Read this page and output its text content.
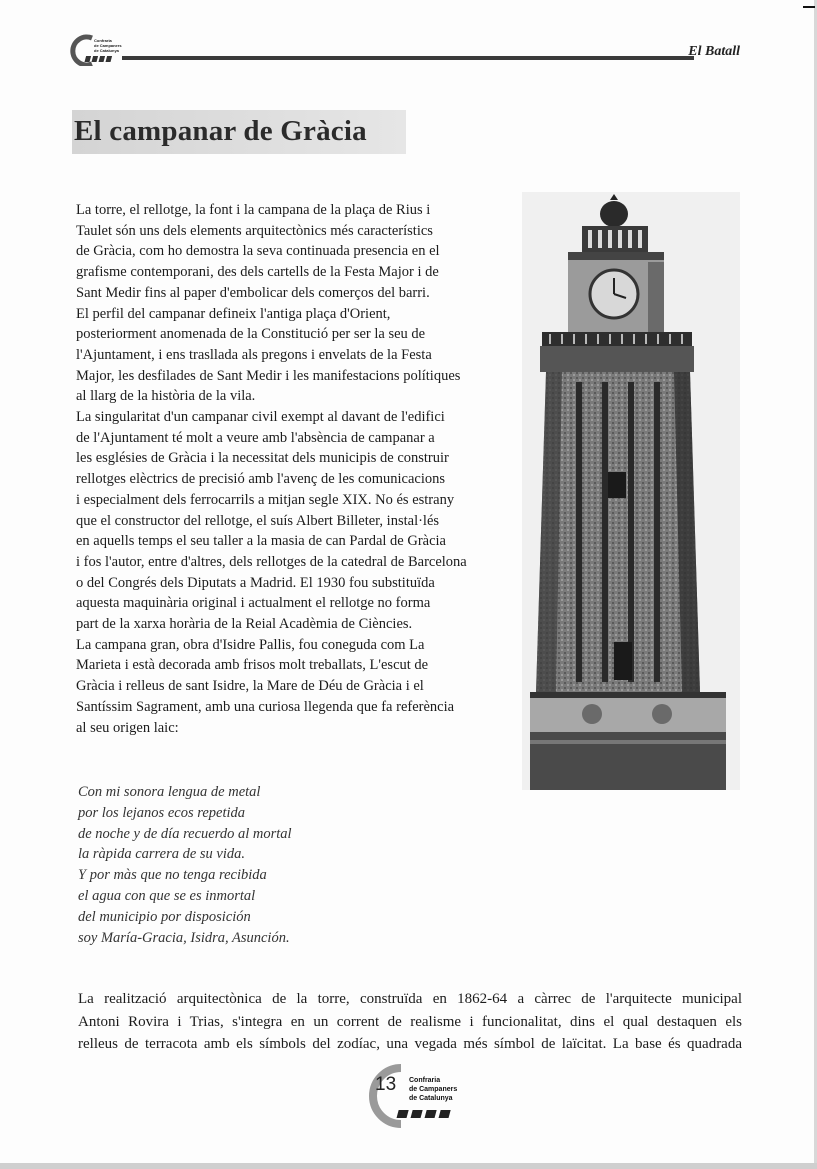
Confraria
de Campaners
de Catalunya	El Batall
El campanar de Gràcia
La torre, el rellotge, la font i la campana de la plaça de Rius i
Taulet són uns dels elements arquitectònics més característics
de Gràcia, com ho demostra la seva continuada presencia en el
grafisme contemporani, des dels cartells de la Festa Major i de
Sant Medir fins al paper d'embolicar dels comerços del barri.
El perfil del campanar defineix l'antiga plaça d'Orient,
posteriorment anomenada de la Constitució per ser la seu de
l'Ajuntament, i ens trasllada als pregons i envelats de la Festa
Major, les desfilades de Sant Medir i les manifestacions polítiques
al llarg de la història de la vila.
La singularitat d'un campanar civil exempt al davant de l'edifici
de l'Ajuntament té molt a veure amb l'absència de campanar a
les esglésies de Gràcia i la necessitat dels municipis de construir
rellotges elèctrics de precisió amb l'avenç de les comunicacions
i especialment dels ferrocarrils a mitjan segle XIX. No és estrany
que el constructor del rellotge, el suís Albert Billeter, instal·lés
en aquells temps el seu taller a la masia de can Pardal de Gràcia
i fos l'autor, entre d'altres, dels rellotges de la catedral de Barcelona
o del Congrés dels Diputats a Madrid. El 1930 fou substituïda
aquesta maquinària original i actualment el rellotge no forma
part de la xarxa horària de la Reial Acadèmia de Ciències.
La campana gran, obra d'Isidre Pallis, fou coneguda com La
Marieta i està decorada amb frisos molt treballats, L'escut de
Gràcia i relleus de sant Isidre, la Mare de Déu de Gràcia i el
Santíssim Sagrament, amb una curiosa llegenda que fa referència
al seu origen laic:
Con mi sonora lengua de metal
por los lejanos ecos repetida
de noche y de día recuerdo al mortal
la ràpida carrera de su vida.
Y por màs que no tenga recibida
el agua con que se es inmortal
del municipio por disposición
soy María-Gracia, Isidra, Asunción.
La realització arquitectònica de la torre, construïda en 1862-64 a càrrec de l'arquitecte municipal
Antoni Rovira i Trias, s'integra en un corrent de realisme i funcionalitat, dins el qual destaquen els
relleus de terracota amb els símbols del zodíac, una vegada més símbol de laïcitat. La base és quadrada
13 Confraria
de Campaners
de Catalunya
